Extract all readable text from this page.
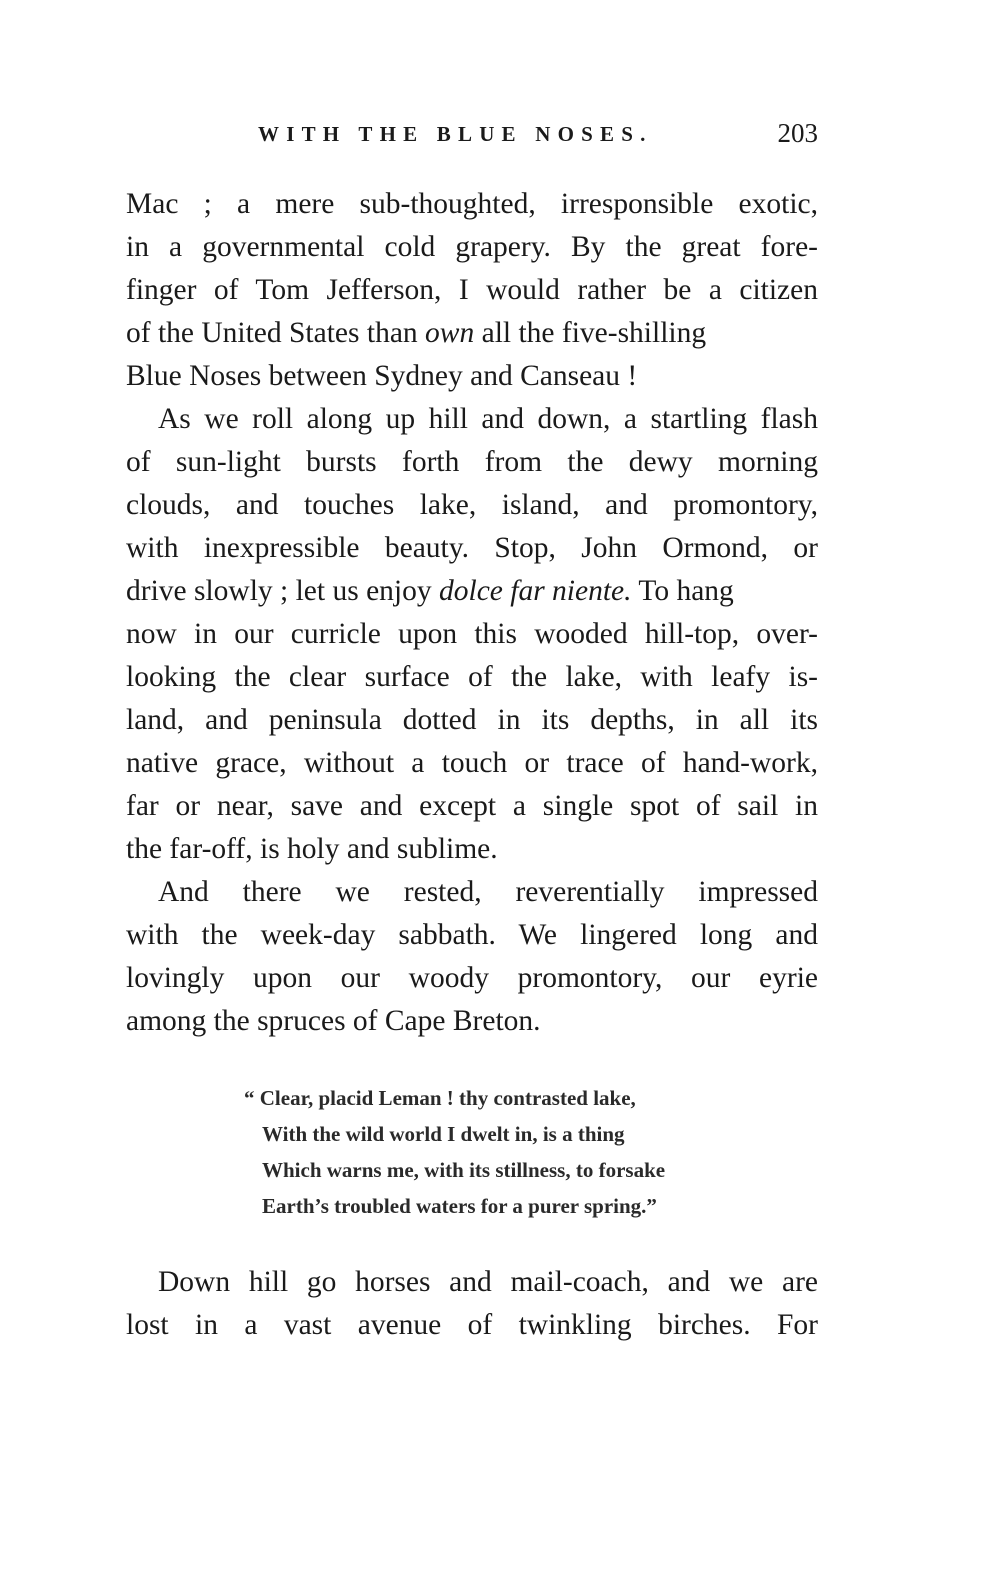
WITH THE BLUE NOSES.	203
Mac ; a mere sub-thoughted, irresponsible exotic,
in a governmental cold grapery. By the great fore-
finger of Tom Jefferson, I would rather be a citizen
of the United States than own all the five-shilling
Blue Noses between Sydney and Canseau !
As we roll along up hill and down, a startling flash
of sun-light bursts forth from the dewy morning
clouds, and touches lake, island, and promontory,
with inexpressible beauty. Stop, John Ormond, or
drive slowly ; let us enjoy dolce far niente. To hang
now in our curricle upon this wooded hill-top, over-
looking the clear surface of the lake, with leafy is-
land, and peninsula dotted in its depths, in all its
native grace, without a touch or trace of hand-work,
far or near, save and except a single spot of sail in
the far-off, is holy and sublime.
And there we rested, reverentially impressed
with the week-day sabbath. We lingered long and
lovingly upon our woody promontory, our eyrie
among the spruces of Cape Breton.
“ Clear, placid Leman ! thy contrasted lake,
With the wild world I dwelt in, is a thing
Which warns me, with its stillness, to forsake
Earth’s troubled waters for a purer spring.”
Down hill go horses and mail-coach, and we are
lost in a vast avenue of twinkling birches. For
